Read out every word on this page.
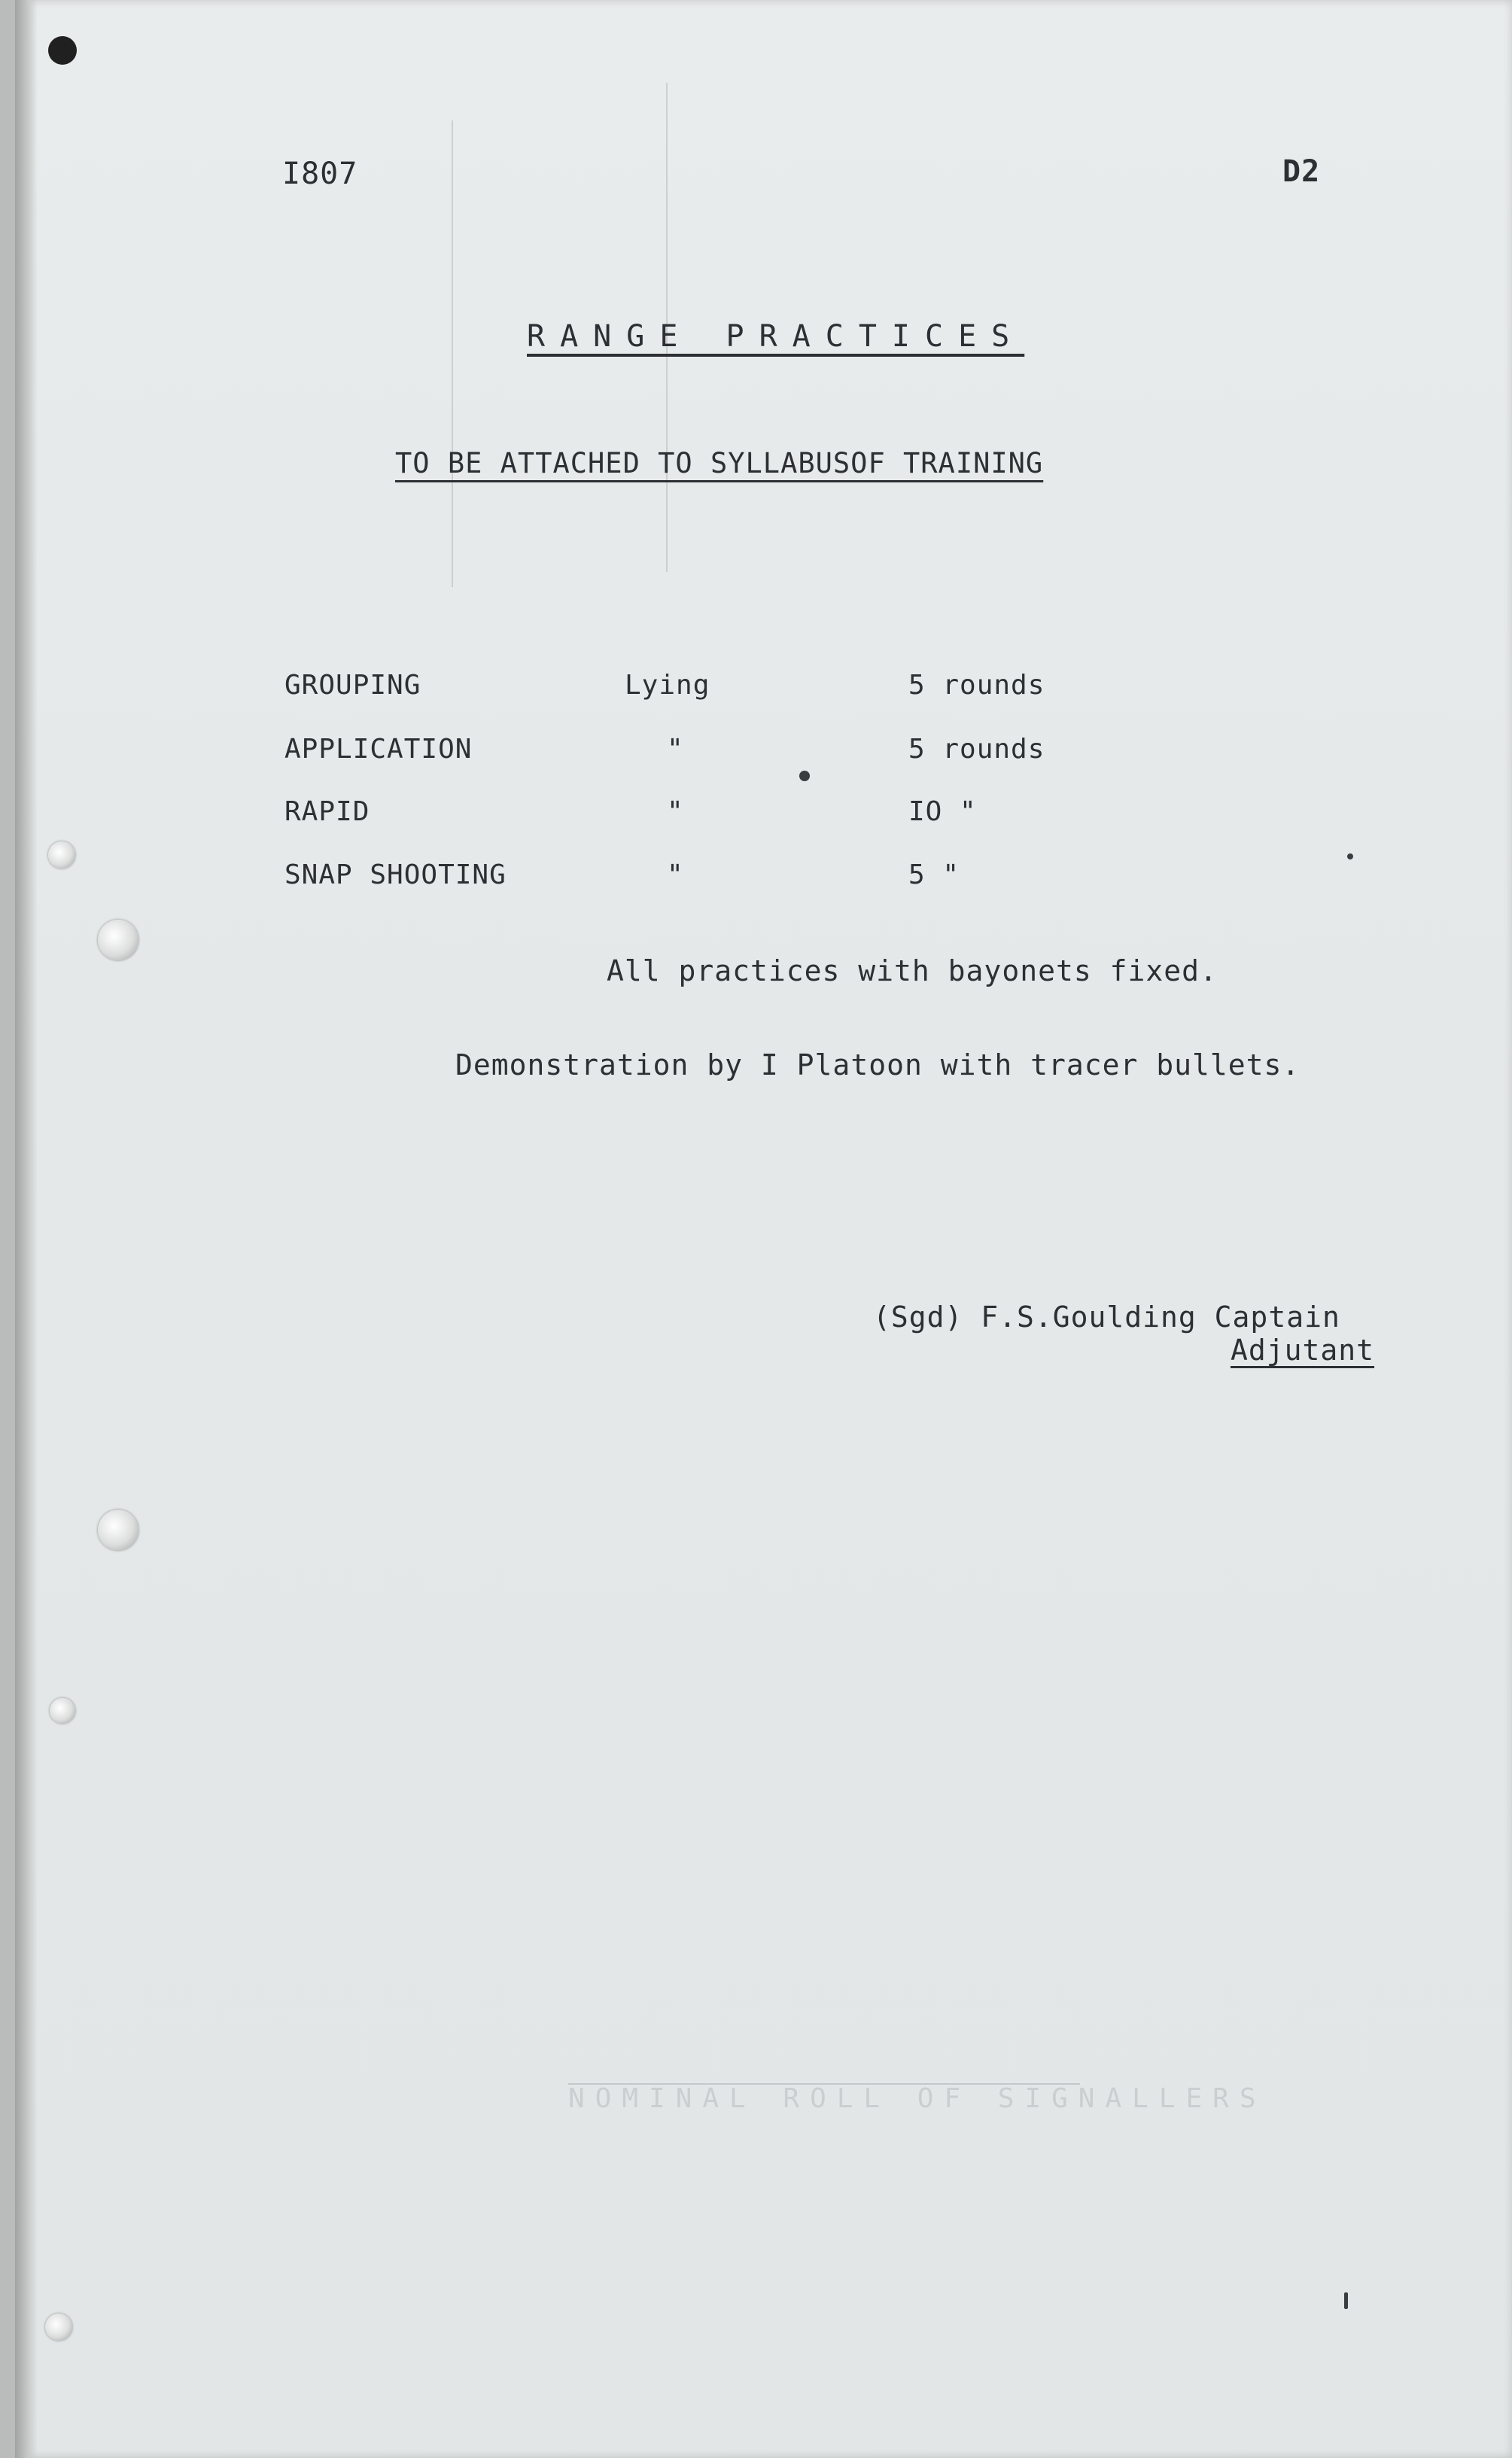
I807	D2
RANGE PRACTICES
TO BE ATTACHED TO SYLLABUSOF TRAINING
GROUPING	Lying	5 rounds
APPLICATION	"	5 rounds
RAPID	"	IO "
SNAP SHOOTING	"	5 "
All practices with bayonets fixed.
Demonstration by I Platoon with tracer bullets.
(Sgd) F.S.Goulding Captain
Adjutant
NOMINAL ROLL OF SIGNALLERS
